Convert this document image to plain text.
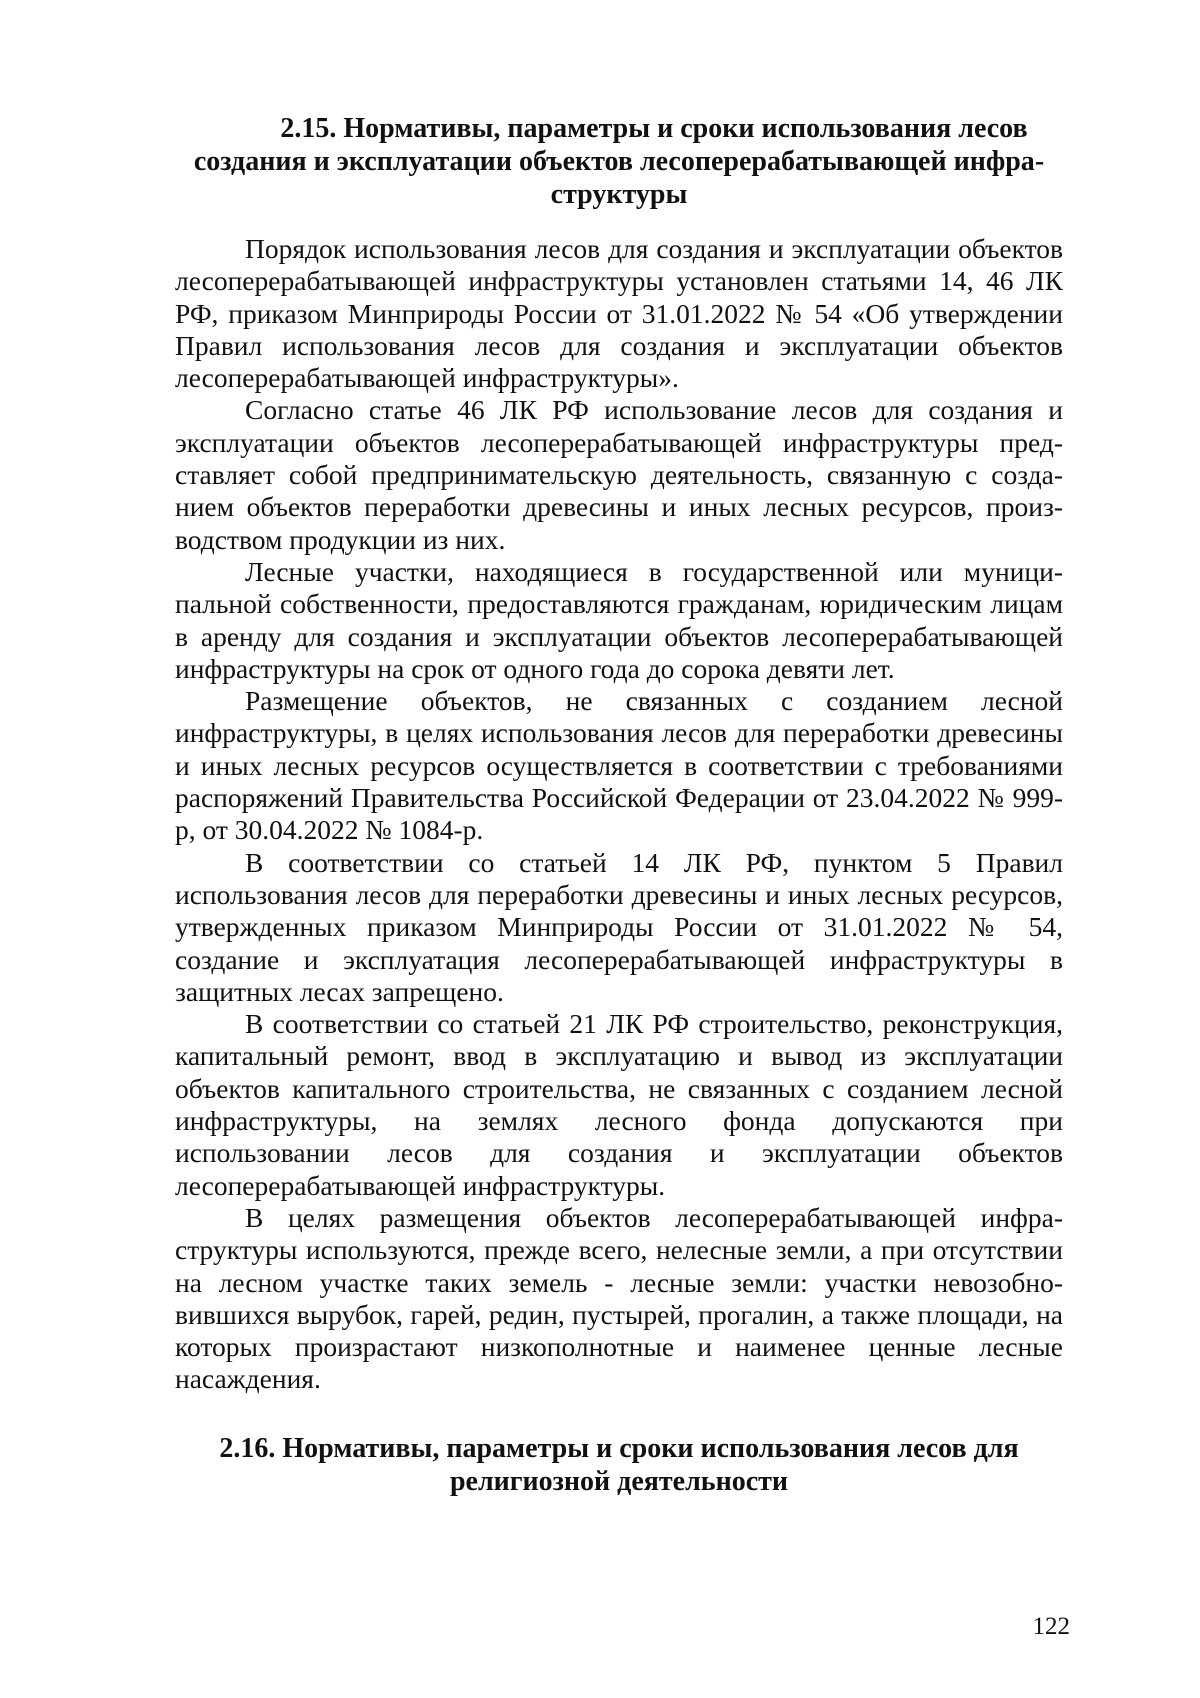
2.15. Нормативы, параметры и сроки использования лесов создания и эксплуатации объектов лесоперерабатывающей инфраструктуры

Порядок использования лесов для создания и эксплуатации объектов лесоперерабатывающей инфраструктуры установлен статьями 14, 46 ЛК РФ, приказом Минприроды России от 31.01.2022 № 54 «Об утверждении Правил использования лесов для создания и эксплуатации объектов лесоперерабатывающей инфраструктуры».

Согласно статье 46 ЛК РФ использование лесов для создания и эксплуатации объектов лесоперерабатывающей инфраструктуры представляет собой предпринимательскую деятельность, связанную с созданием объектов переработки древесины и иных лесных ресурсов, производством продукции из них.

Лесные участки, находящиеся в государственной или муниципальной собственности, предоставляются гражданам, юридическим лицам в аренду для создания и эксплуатации объектов лесоперерабатывающей инфраструктуры на срок от одного года до сорока девяти лет.

Размещение объектов, не связанных с созданием лесной инфраструктуры, в целях использования лесов для переработки древесины и иных лесных ресурсов осуществляется в соответствии с требованиями распоряжений Правительства Российской Федерации от 23.04.2022 № 999-р, от 30.04.2022 № 1084-р.

В соответствии со статьей 14 ЛК РФ, пунктом 5 Правил использования лесов для переработки древесины и иных лесных ресурсов, утвержденных приказом Минприроды России от 31.01.2022 № 54, создание и эксплуатация лесоперерабатывающей инфраструктуры в защитных лесах запрещено.

В соответствии со статьей 21 ЛК РФ строительство, реконструкция, капитальный ремонт, ввод в эксплуатацию и вывод из эксплуатации объектов капитального строительства, не связанных с созданием лесной инфраструктуры, на землях лесного фонда допускаются при использовании лесов для создания и эксплуатации объектов лесоперерабатывающей инфраструктуры.

В целях размещения объектов лесоперерабатывающей инфраструктуры используются, прежде всего, нелесные земли, а при отсутствии на лесном участке таких земель - лесные земли: участки невозобновившихся вырубок, гарей, редин, пустырей, прогалин, а также площади, на которых произрастают низкополнотные и наименее ценные лесные насаждения.

2.16. Нормативы, параметры и сроки использования лесов для религиозной деятельности
122
